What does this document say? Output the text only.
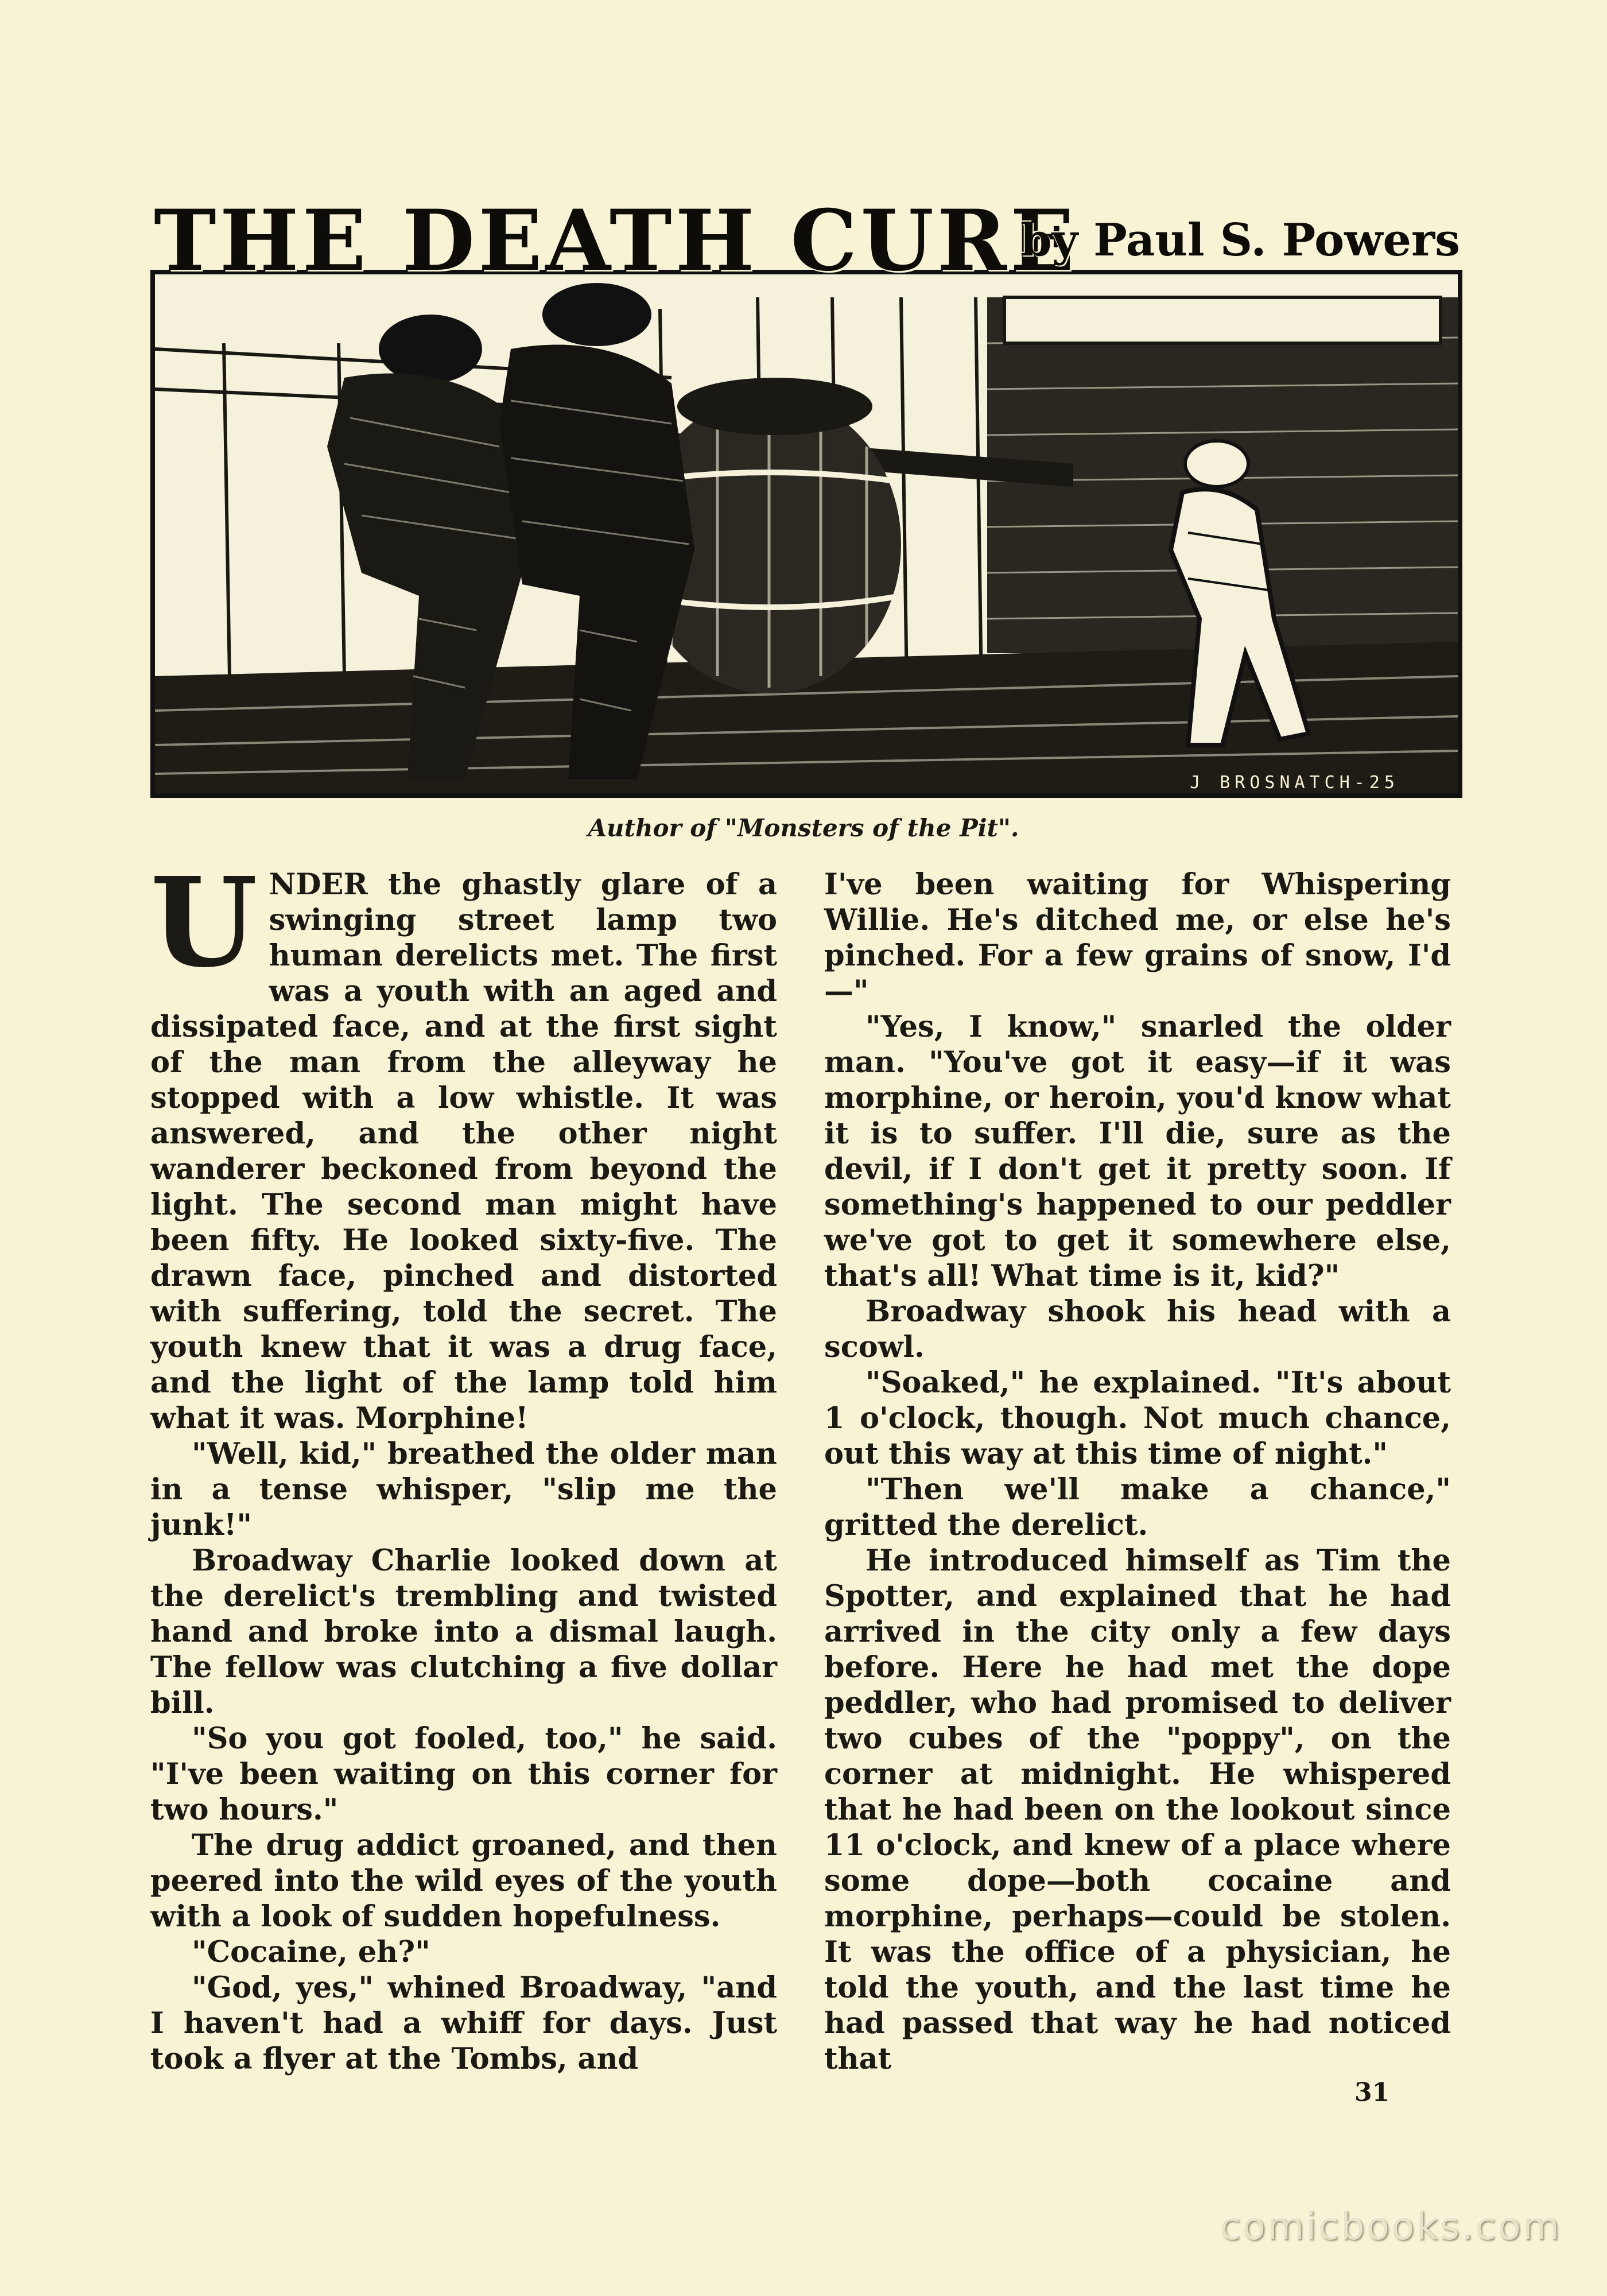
THE DEATH CURE
by Paul S. Powers
J BROSNATCH-25
Author of "Monsters of the Pit".

UNDER the ghastly glare of a swinging street lamp two human derelicts met. The first was a youth with an aged and dissipated face, and at the first sight of the man from the alleyway he stopped with a low whistle. It was answered, and the other night wanderer beckoned from beyond the light. The second man might have been fifty. He looked sixty-five. The drawn face, pinched and distorted with suffering, told the secret. The youth knew that it was a drug face, and the light of the lamp told him what it was. Morphine!

"Well, kid," breathed the older man in a tense whisper, "slip me the junk!"

Broadway Charlie looked down at the derelict's trembling and twisted hand and broke into a dismal laugh. The fellow was clutching a five dollar bill.

"So you got fooled, too," he said. "I've been waiting on this corner for two hours."

The drug addict groaned, and then peered into the wild eyes of the youth with a look of sudden hopefulness.

"Cocaine, eh?"

"God, yes," whined Broadway, "and I haven't had a whiff for days. Just took a flyer at the Tombs, and

I've been waiting for Whispering Willie. He's ditched me, or else he's pinched. For a few grains of snow, I'd—"

"Yes, I know," snarled the older man. "You've got it easy—if it was morphine, or heroin, you'd know what it is to suffer. I'll die, sure as the devil, if I don't get it pretty soon. If something's happened to our peddler we've got to get it somewhere else, that's all! What time is it, kid?"

Broadway shook his head with a scowl.

"Soaked," he explained. "It's about 1 o'clock, though. Not much chance, out this way at this time of night."

"Then we'll make a chance," gritted the derelict.

He introduced himself as Tim the Spotter, and explained that he had arrived in the city only a few days before. Here he had met the dope peddler, who had promised to deliver two cubes of the "poppy", on the corner at midnight. He whispered that he had been on the lookout since 11 o'clock, and knew of a place where some dope—both cocaine and morphine, perhaps—could be stolen. It was the office of a physician, he told the youth, and the last time he had passed that way he had noticed that

31
comicbooks.com
